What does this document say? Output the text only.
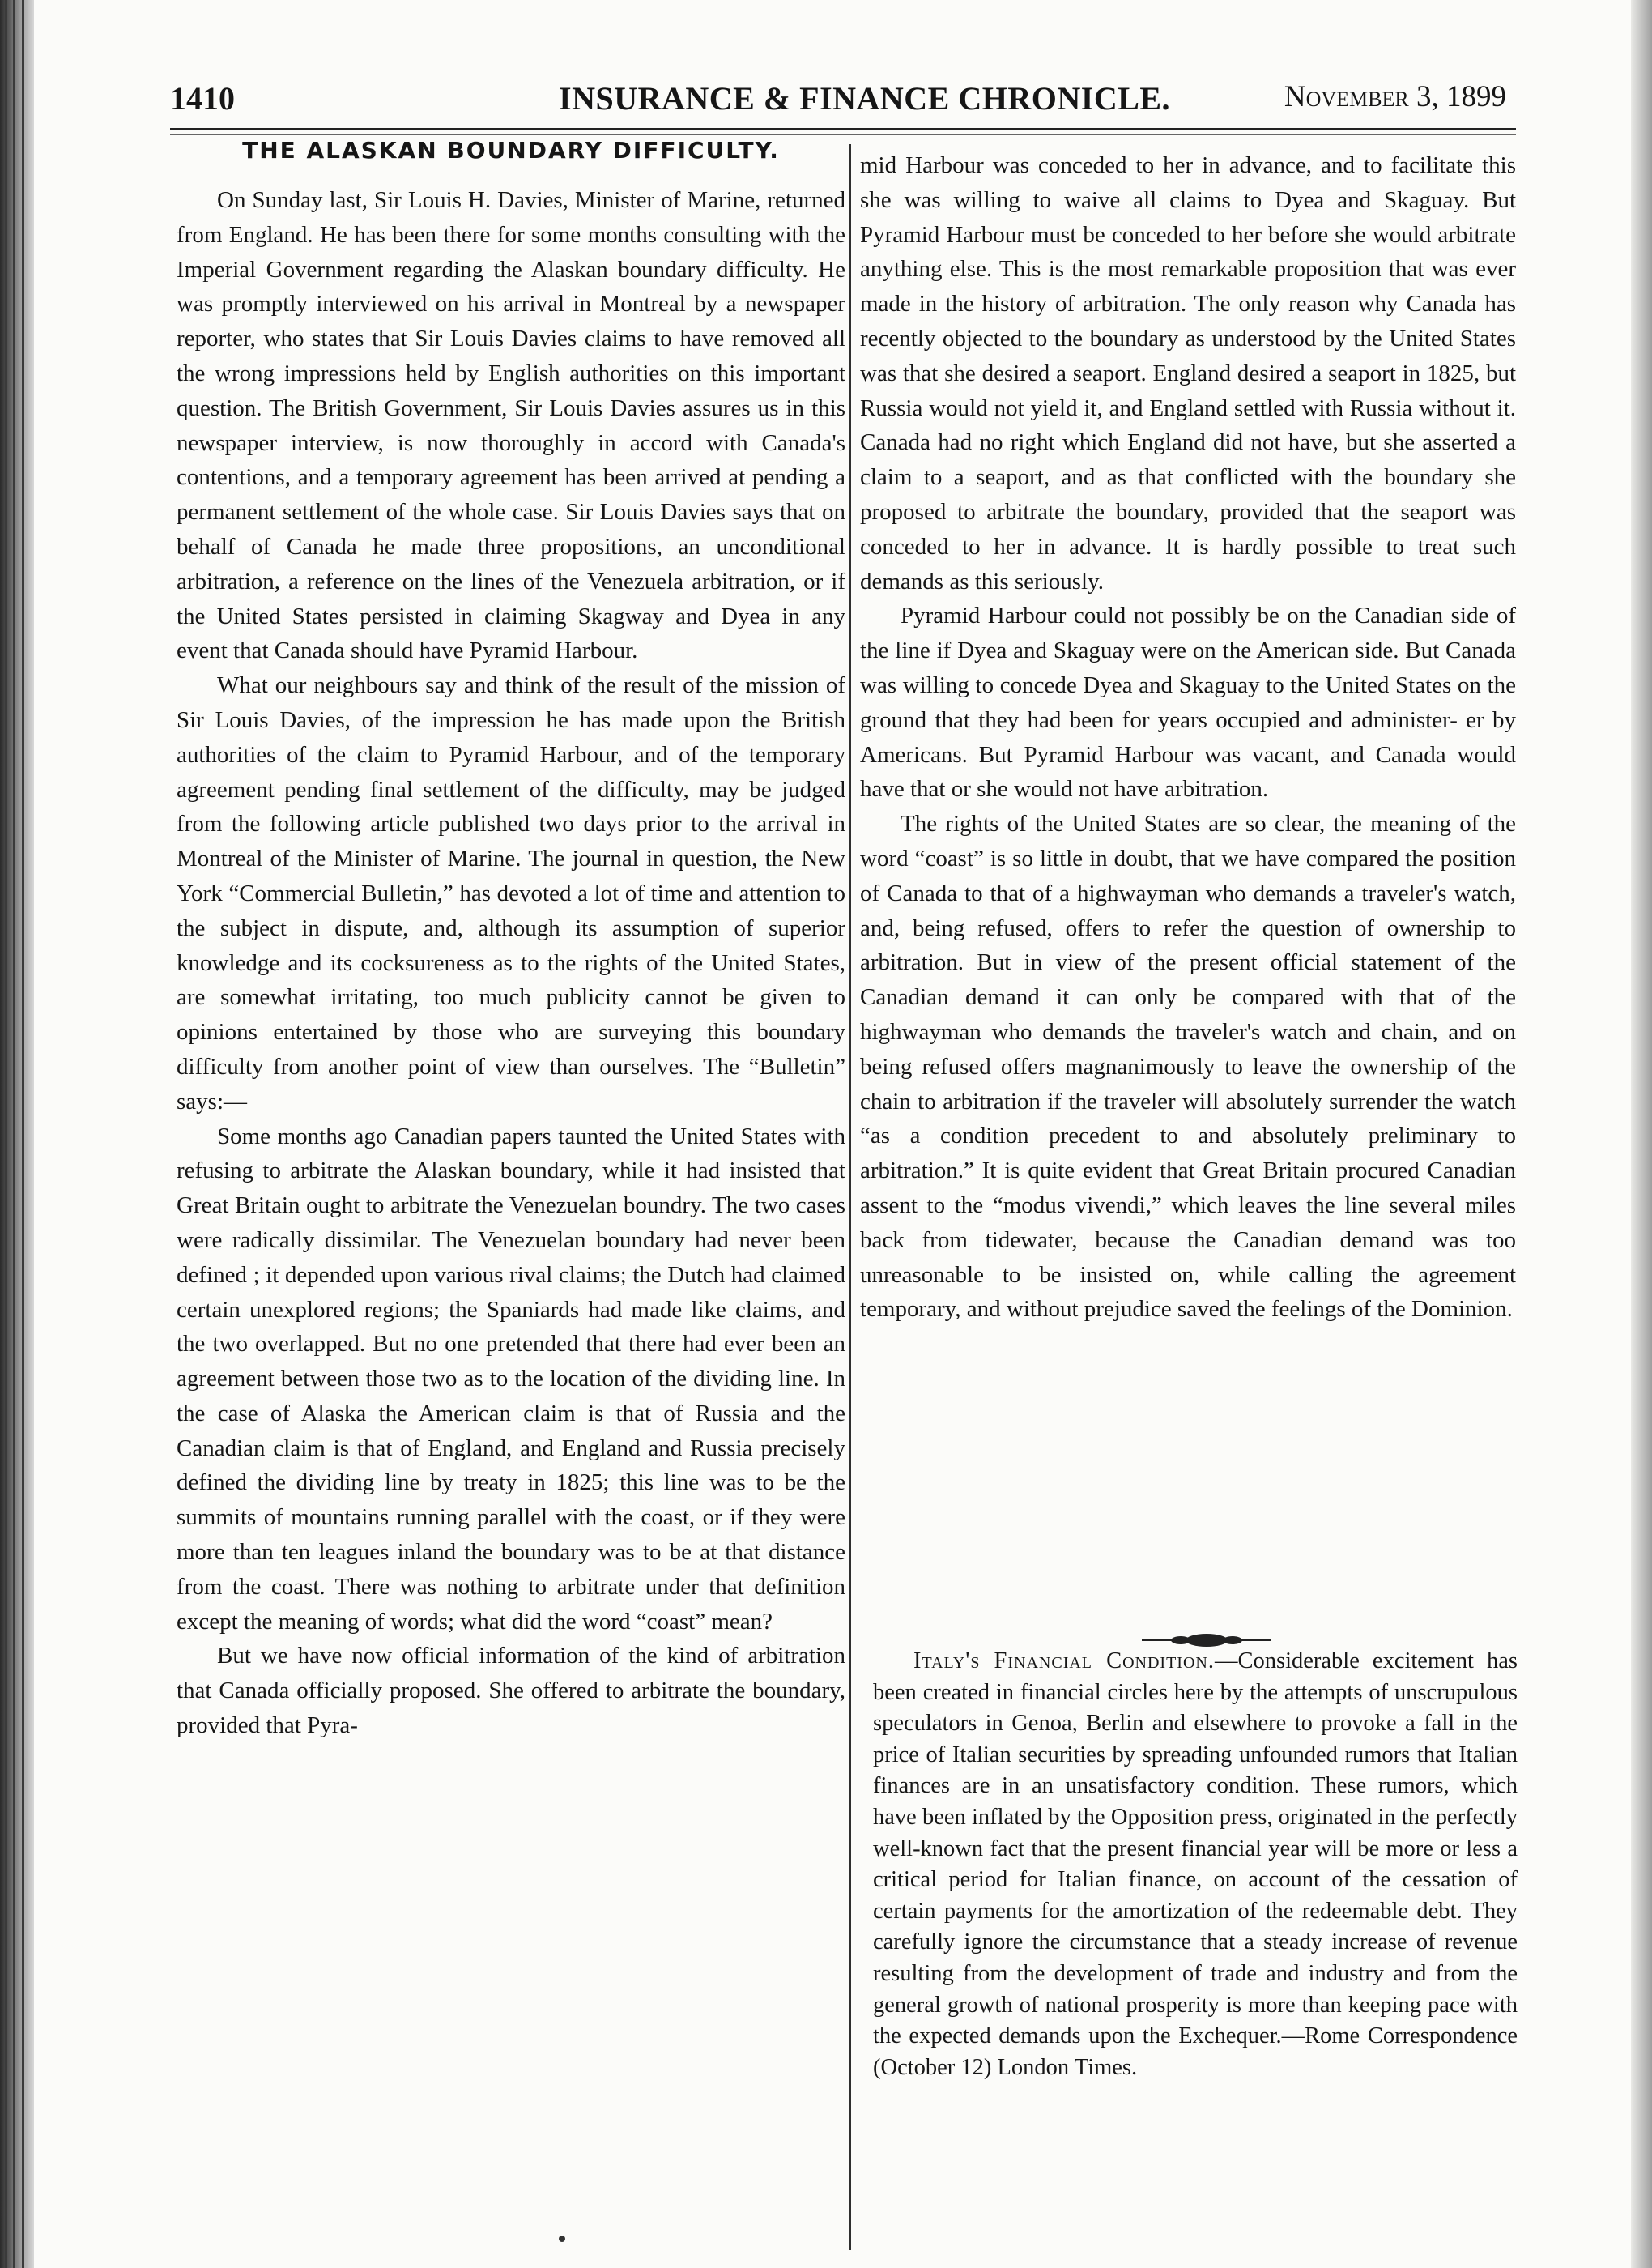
1410	INSURANCE & FINANCE CHRONICLE.	November 3, 1899
THE ALASKAN BOUNDARY DIFFICULTY.

On Sunday last, Sir Louis H. Davies, Minister of Marine, returned from England. He has been there for some months consulting with the Imperial Government regarding the Alaskan boundary difficulty. He was promptly interviewed on his arrival in Montreal by a newspaper reporter, who states that Sir Louis Davies claims to have removed all the wrong impressions held by English authorities on this important question. The British Government, Sir Louis Davies assures us in this newspaper interview, is now thoroughly in accord with Canada's contentions, and a temporary agreement has been arrived at pending a permanent settlement of the whole case. Sir Louis Davies says that on behalf of Canada he made three propositions, an unconditional arbitration, a reference on the lines of the Venezuela arbitration, or if the United States persisted in claiming Skagway and Dyea in any event that Canada should have Pyramid Harbour.

What our neighbours say and think of the result of the mission of Sir Louis Davies, of the impression he has made upon the British authorities of the claim to Pyramid Harbour, and of the temporary agreement pending final settlement of the difficulty, may be judged from the following article published two days prior to the arrival in Montreal of the Minister of Marine. The journal in question, the New York “Commercial Bulletin,” has devoted a lot of time and attention to the subject in dispute, and, although its assumption of superior knowledge and its cocksureness as to the rights of the United States, are somewhat irritating, too much publicity cannot be given to opinions entertained by those who are surveying this boundary difficulty from another point of view than ourselves. The “Bulletin” says:—

Some months ago Canadian papers taunted the United States with refusing to arbitrate the Alaskan boundary, while it had insisted that Great Britain ought to arbitrate the Venezuelan boundry. The two cases were radically dissimilar. The Venezuelan boundary had never been defined ; it depended upon various rival claims; the Dutch had claimed certain unexplored regions; the Spaniards had made like claims, and the two overlapped. But no one pretended that there had ever been an agreement between those two as to the location of the dividing line. In the case of Alaska the American claim is that of Russia and the Canadian claim is that of England, and England and Russia precisely defined the dividing line by treaty in 1825; this line was to be the summits of mountains running parallel with the coast, or if they were more than ten leagues inland the boundary was to be at that distance from the coast. There was nothing to arbitrate under that definition except the meaning of words; what did the word “coast” mean?

But we have now official information of the kind of arbitration that Canada officially proposed. She offered to arbitrate the boundary, provided that Pyra-

mid Harbour was conceded to her in advance, and to facilitate this she was willing to waive all claims to Dyea and Skaguay. But Pyramid Harbour must be conceded to her before she would arbitrate anything else. This is the most remarkable proposition that was ever made in the history of arbitration. The only reason why Canada has recently objected to the boundary as understood by the United States was that she desired a seaport. England desired a seaport in 1825, but Russia would not yield it, and England settled with Russia without it. Canada had no right which England did not have, but she asserted a claim to a seaport, and as that conflicted with the boundary she proposed to arbitrate the boundary, provided that the seaport was conceded to her in advance. It is hardly possible to treat such demands as this seriously.

Pyramid Harbour could not possibly be on the Canadian side of the line if Dyea and Skaguay were on the American side. But Canada was willing to concede Dyea and Skaguay to the United States on the ground that they had been for years occupied and administer- er by Americans. But Pyramid Harbour was vacant, and Canada would have that or she would not have arbitration.

The rights of the United States are so clear, the meaning of the word “coast” is so little in doubt, that we have compared the position of Canada to that of a highwayman who demands a traveler's watch, and, being refused, offers to refer the question of ownership to arbitration. But in view of the present official statement of the Canadian demand it can only be compared with that of the highwayman who demands the traveler's watch and chain, and on being refused offers magnanimously to leave the ownership of the chain to arbitration if the traveler will absolutely surrender the watch “as a condition precedent to and absolutely preliminary to arbitration.” It is quite evident that Great Britain procured Canadian assent to the “modus vivendi,” which leaves the line several miles back from tidewater, because the Canadian demand was too unreasonable to be insisted on, while calling the agreement temporary, and without prejudice saved the feelings of the Dominion.

Italy's Financial Condition.—Considerable excitement has been created in financial circles here by the attempts of unscrupulous speculators in Genoa, Berlin and elsewhere to provoke a fall in the price of Italian securities by spreading unfounded rumors that Italian finances are in an unsatisfactory condition. These rumors, which have been inflated by the Opposition press, originated in the perfectly well-known fact that the present financial year will be more or less a critical period for Italian finance, on account of the cessation of certain payments for the amortization of the redeemable debt. They carefully ignore the circumstance that a steady increase of revenue resulting from the development of trade and industry and from the general growth of national prosperity is more than keeping pace with the expected demands upon the Exchequer.—Rome Correspondence (October 12) London Times.
